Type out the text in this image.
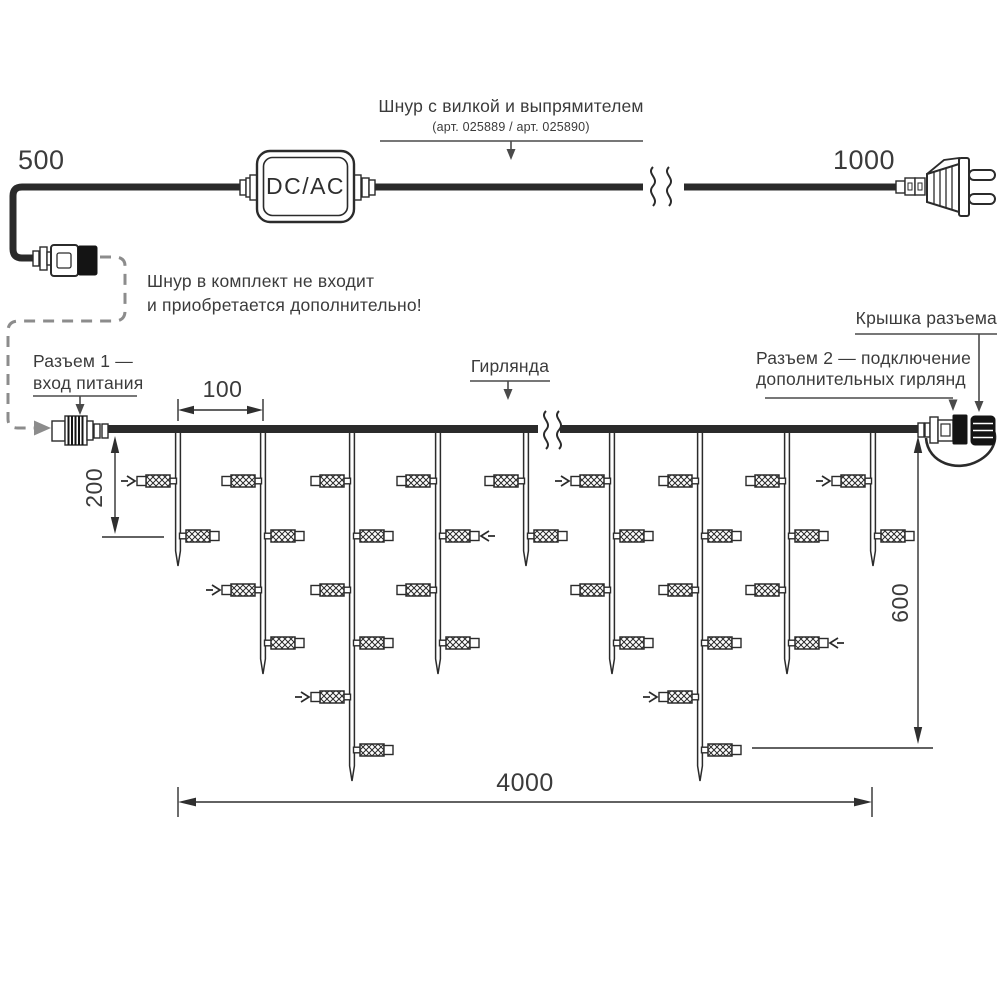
500	1000
Шнур с вилкой и выпрямителем
(арт. 025889 / арт. 025890)
DC/AC
Шнур в комплект не входит
и приобретается дополнительно!
Разъем 1 —
вход питания	100
Гирлянда
Крышка разъема
Разъем 2 — подключение
дополнительных гирлянд
200
600
4000
